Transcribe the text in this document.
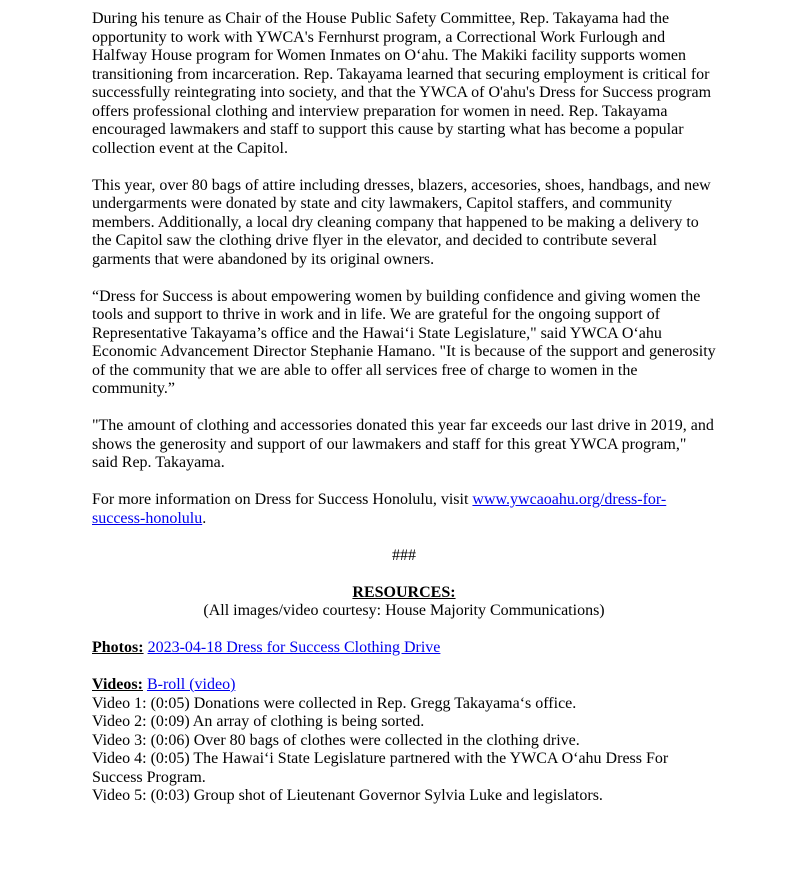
During his tenure as Chair of the House Public Safety Committee, Rep. Takayama had the opportunity to work with YWCA's Fernhurst program, a Correctional Work Furlough and Halfway House program for Women Inmates on Oʻahu. The Makiki facility supports women transitioning from incarceration. Rep. Takayama learned that securing employment is critical for successfully reintegrating into society, and that the YWCA of O'ahu's Dress for Success program offers professional clothing and interview preparation for women in need. Rep. Takayama encouraged lawmakers and staff to support this cause by starting what has become a popular collection event at the Capitol.

This year, over 80 bags of attire including dresses, blazers, accesories, shoes, handbags, and new undergarments were donated by state and city lawmakers, Capitol staffers, and community members. Additionally, a local dry cleaning company that happened to be making a delivery to the Capitol saw the clothing drive flyer in the elevator, and decided to contribute several garments that were abandoned by its original owners.

“Dress for Success is about empowering women by building confidence and giving women the tools and support to thrive in work and in life. We are grateful for the ongoing support of Representative Takayama’s office and the Hawaiʻi State Legislature," said YWCA Oʻahu Economic Advancement Director Stephanie Hamano. "It is because of the support and generosity of the community that we are able to offer all services free of charge to women in the community.”

"The amount of clothing and accessories donated this year far exceeds our last drive in 2019, and shows the generosity and support of our lawmakers and staff for this great YWCA program," said Rep. Takayama.

For more information on Dress for Success Honolulu, visit www.ywcaoahu.org/dress-for-success-honolulu.

###

RESOURCES:

(All images/video courtesy: House Majority Communications)

Photos: 2023-04-18 Dress for Success Clothing Drive

Videos: B-roll (video)

Video 1: (0:05) Donations were collected in Rep. Gregg Takayamaʻs office.

Video 2: (0:09) An array of clothing is being sorted.

Video 3: (0:06) Over 80 bags of clothes were collected in the clothing drive.

Video 4: (0:05) The Hawaiʻi State Legislature partnered with the YWCA Oʻahu Dress For Success Program.

Video 5: (0:03) Group shot of Lieutenant Governor Sylvia Luke and legislators.
